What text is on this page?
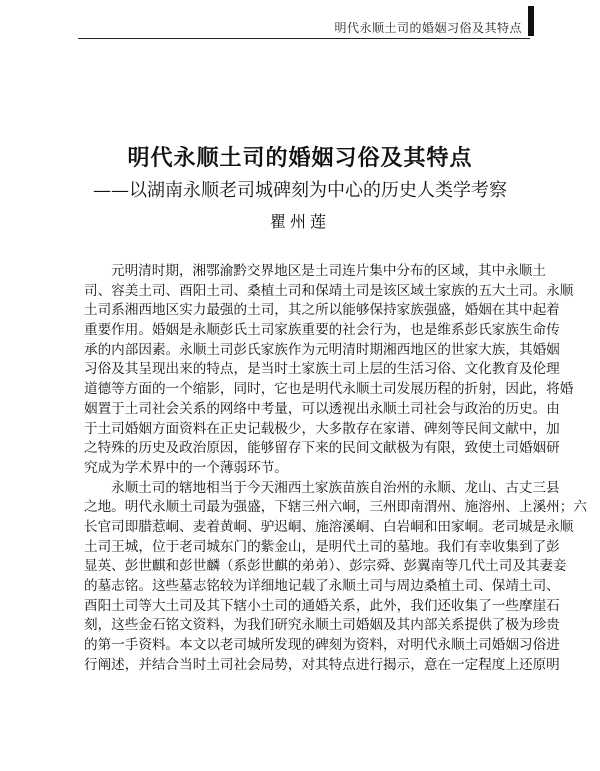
明代永顺土司的婚姻习俗及其特点
明代永顺土司的婚姻习俗及其特点
——以湖南永顺老司城碑刻为中心的历史人类学考察
瞿州莲
元明清时期，湘鄂渝黔交界地区是土司连片集中分布的区域，其中永顺土
司、容美土司、酉阳土司、桑植土司和保靖土司是该区域土家族的五大土司。永顺
土司系湘西地区实力最强的土司，其之所以能够保持家族强盛，婚姻在其中起着
重要作用。婚姻是永顺彭氏土司家族重要的社会行为，也是维系彭氏家族生命传
承的内部因素。永顺土司彭氏家族作为元明清时期湘西地区的世家大族，其婚姻
习俗及其呈现出来的特点，是当时土家族土司上层的生活习俗、文化教育及伦理
道德等方面的一个缩影，同时，它也是明代永顺土司发展历程的折射，因此，将婚
姻置于土司社会关系的网络中考量，可以透视出永顺土司社会与政治的历史。由
于土司婚姻方面资料在正史记载极少，大多散存在家谱、碑刻等民间文献中，加
之特殊的历史及政治原因，能够留存下来的民间文献极为有限，致使土司婚姻研
究成为学术界中的一个薄弱环节。
永顺土司的辖地相当于今天湘西土家族苗族自治州的永顺、龙山、古丈三县
之地。明代永顺土司最为强盛，下辖三州六峒，三州即南渭州、施溶州、上溪州；六
长官司即腊惹峒、麦着黄峒、驴迟峒、施溶溪峒、白岩峒和田家峒。老司城是永顺
土司王城，位于老司城东门的紫金山，是明代土司的墓地。我们有幸收集到了彭
显英、彭世麒和彭世麟（系彭世麒的弟弟）、彭宗舜、彭翼南等几代土司及其妻妾
的墓志铭。这些墓志铭较为详细地记载了永顺土司与周边桑植土司、保靖土司、
酉阳土司等大土司及其下辖小土司的通婚关系，此外，我们还收集了一些摩崖石
刻，这些金石铭文资料，为我们研究永顺土司婚姻及其内部关系提供了极为珍贵
的第一手资料。本文以老司城所发现的碑刻为资料，对明代永顺土司婚姻习俗进
行阐述，并结合当时土司社会局势，对其特点进行揭示，意在一定程度上还原明
